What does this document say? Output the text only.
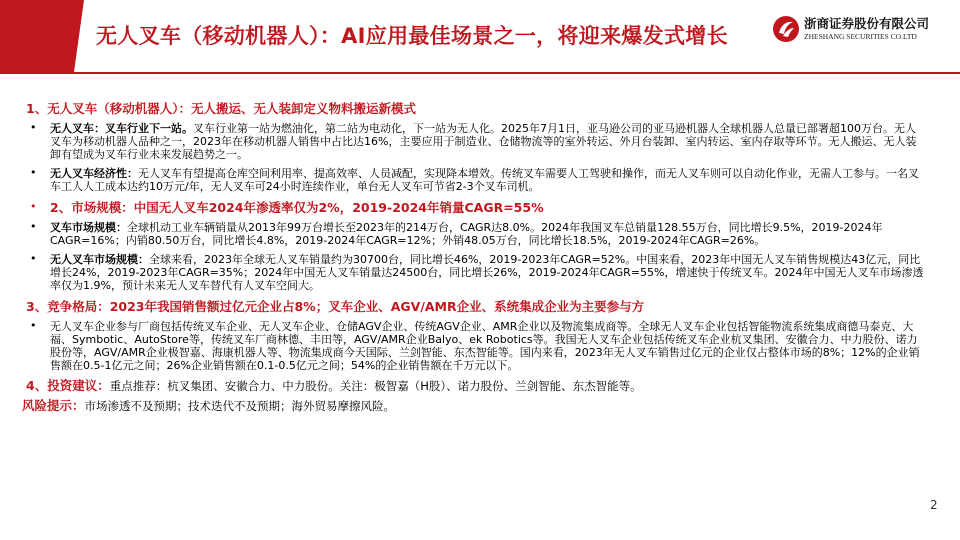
无人叉车（移动机器人）：AI应用最佳场景之一，将迎来爆发式增长
浙商证券股份有限公司
ZHESHANG SECURITIES CO.LTD
1、无人叉车（移动机器人）：无人搬运、无人装卸定义物料搬运新模式
• 无人叉车：叉车行业下一站。叉车行业第一站为燃油化，第二站为电动化，下一站为无人化。2025年7月1日，亚马逊公司的亚马逊机器人全球机器人总量已部署超100万台。无人叉车为移动机器人品种之一，2023年在移动机器人销售中占比达16%，主要应用于制造业、仓储物流等的室外转运、外月台装卸、室内转运、室内存取等环节。无人搬运、无人装卸有望成为叉车行业未来发展趋势之一。
• 无人叉车经济性：无人叉车有望提高仓库空间利用率、提高效率、人员减配，实现降本增效。传统叉车需要人工驾驶和操作，而无人叉车则可以自动化作业，无需人工参与。一名叉车工人人工成本达约10万元/年，无人叉车可24小时连续作业，单台无人叉车可节省2-3个叉车司机。
• 2、市场规模：中国无人叉车2024年渗透率仅为2%，2019-2024年销量CAGR=55%
• 叉车市场规模：全球机动工业车辆销量从2013年99万台增长至2023年的214万台，CAGR达8.0%。2024年我国叉车总销量128.55万台，同比增长9.5%，2019-2024年CAGR=16%；内销80.50万台，同比增长4.8%，2019-2024年CAGR=12%；外销48.05万台，同比增长18.5%，2019-2024年CAGR=26%。
• 无人叉车市场规模：全球来看，2023年全球无人叉车销量约为30700台，同比增长46%，2019-2023年CAGR=52%。中国来看，2023年中国无人叉车销售规模达43亿元，同比增长24%，2019-2023年CAGR=35%；2024年中国无人叉车销量达24500台，同比增长26%，2019-2024年CAGR=55%，增速快于传统叉车。2024年中国无人叉车市场渗透率仅为1.9%，预计未来无人叉车替代有人叉车空间大。
3、竞争格局：2023年我国销售额过亿元企业占8%；叉车企业、AGV/AMR企业、系统集成企业为主要参与方
• 无人叉车企业参与厂商包括传统叉车企业、无人叉车企业、仓储AGV企业、传统AGV企业、AMR企业以及物流集成商等。全球无人叉车企业包括智能物流系统集成商德马泰克、大福、Symbotic、AutoStore等，传统叉车厂商林德、丰田等，AGV/AMR企业Balyo、ek Robotics等。我国无人叉车企业包括传统叉车企业杭叉集团、安徽合力、中力股份、诺力股份等，AGV/AMR企业极智嘉、海康机器人等、物流集成商今天国际、兰剑智能、东杰智能等。国内来看，2023年无人叉车销售过亿元的企业仅占整体市场的8%；12%的企业销售额在0.5-1亿元之间；26%企业销售额在0.1-0.5亿元之间；54%的企业销售额在千万元以下。
4、投资建议：重点推荐：杭叉集团、安徽合力、中力股份。关注：极智嘉（H股）、诺力股份、兰剑智能、东杰智能等。
风险提示：市场渗透不及预期；技术迭代不及预期；海外贸易摩擦风险。
2
